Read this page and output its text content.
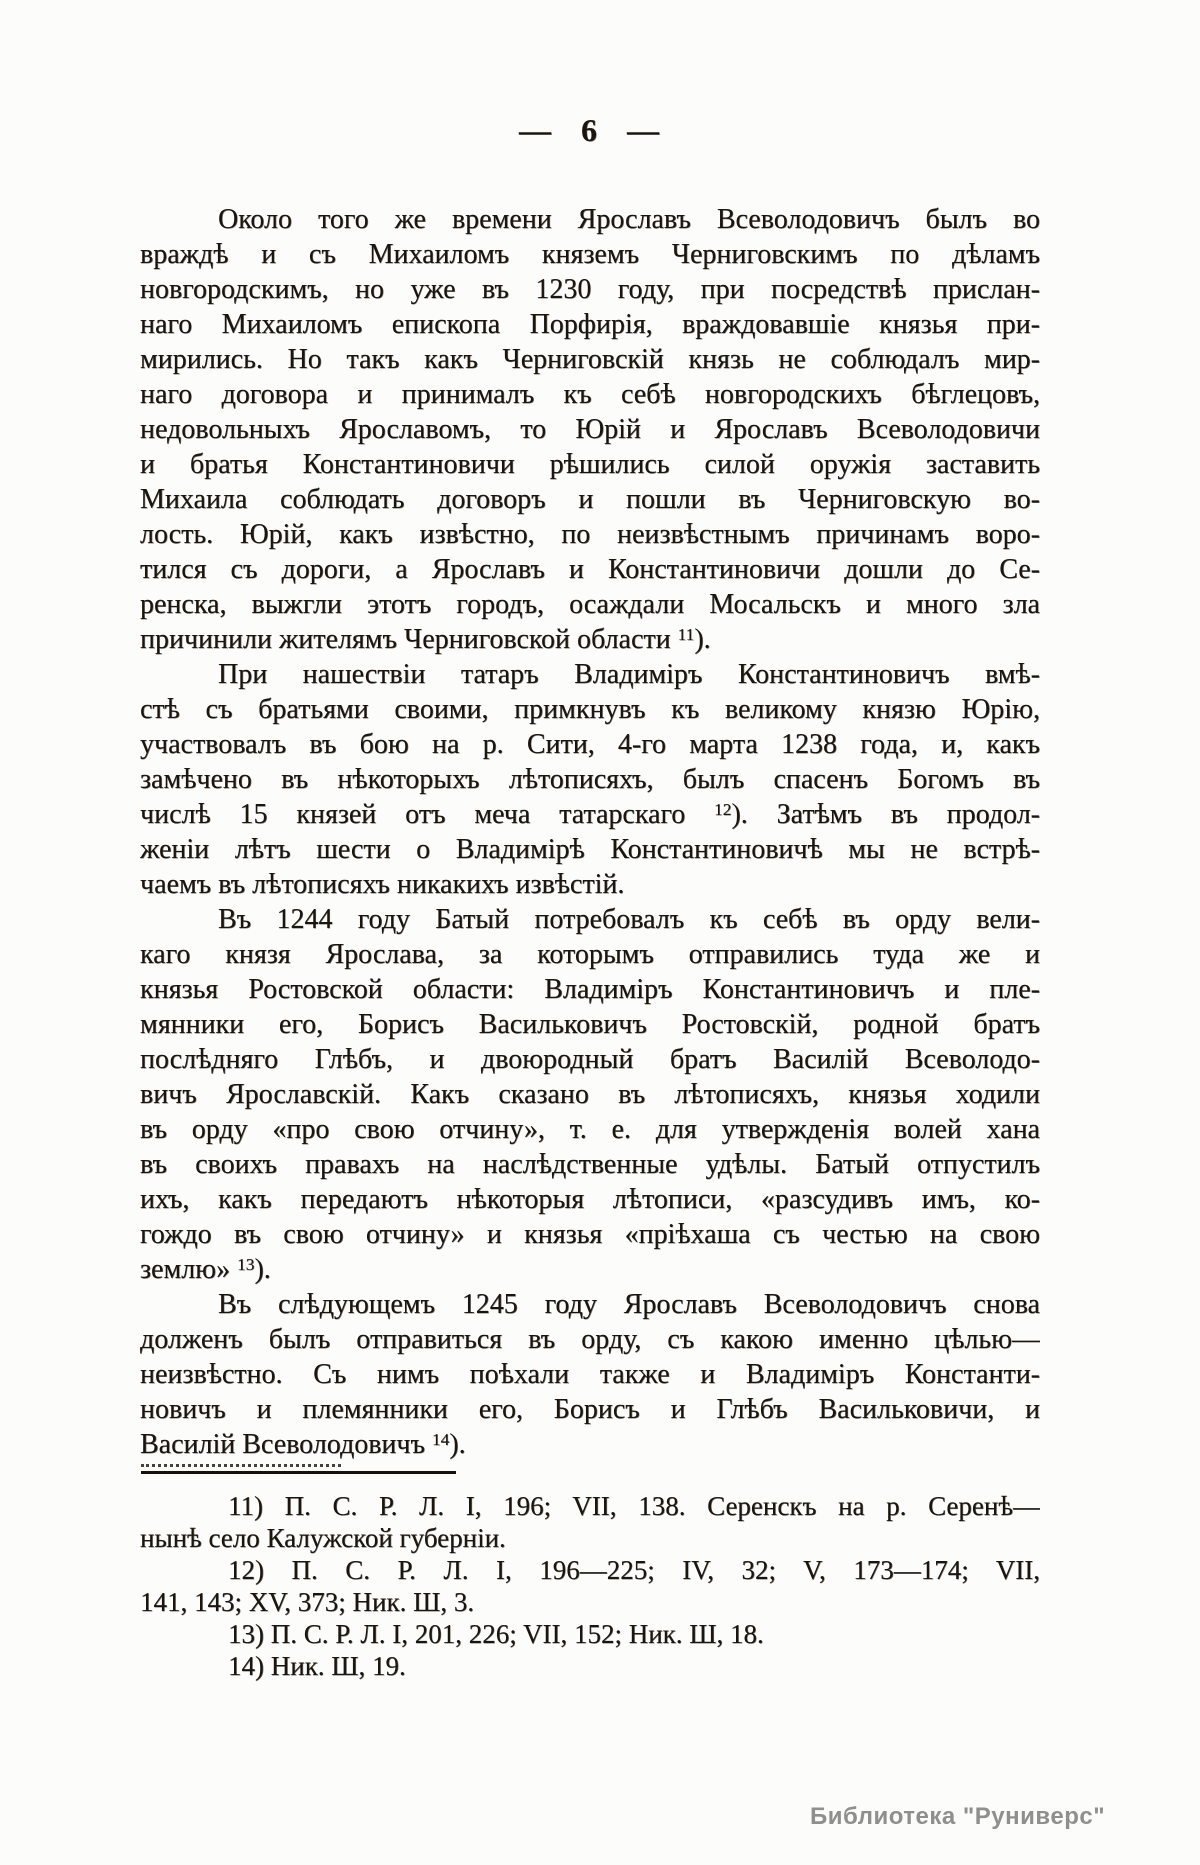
— 6 —
Около того же времени Ярославъ Всеволодовичъ былъ во
враждѣ и съ Михаиломъ княземъ Черниговскимъ по дѣламъ
новгородскимъ, но уже въ 1230 году, при посредствѣ прислан-
наго Михаиломъ епископа Порфирія, враждовавшіе князья при-
мирились. Но такъ какъ Черниговскій князь не соблюдалъ мир-
наго договора и принималъ къ себѣ новгородскихъ бѣглецовъ,
недовольныхъ Ярославомъ, то Юрій и Ярославъ Всеволодовичи
и братья Константиновичи рѣшились силой оружія заставить
Михаила соблюдать договоръ и пошли въ Черниговскую во-
лость. Юрій, какъ извѣстно, по неизвѣстнымъ причинамъ воро-
тился съ дороги, а Ярославъ и Константиновичи дошли до Се-
ренска, выжгли этотъ городъ, осаждали Мосальскъ и много зла
причинили жителямъ Черниговской области $^{11}$).
При нашествіи татаръ Владиміръ Константиновичъ вмѣ-
стѣ съ братьями своими, примкнувъ къ великому князю Юрію,
участвовалъ въ бою на р. Сити, 4-го марта 1238 года, и, какъ
замѣчено въ нѣкоторыхъ лѣтописяхъ, былъ спасенъ Богомъ въ
числѣ 15 князей отъ меча татарскаго $^{12}$). Затѣмъ въ продол-
женіи лѣтъ шести о Владимірѣ Константиновичѣ мы не встрѣ-
чаемъ въ лѣтописяхъ никакихъ извѣстій.
Въ 1244 году Батый потребовалъ къ себѣ въ орду вели-
каго князя Ярослава, за которымъ отправились туда же и
князья Ростовской области: Владиміръ Константиновичъ и пле-
мянники его, Борисъ Васильковичъ Ростовскій, родной братъ
послѣдняго Глѣбъ, и двоюродный братъ Василій Всеволодо-
вичъ Ярославскій. Какъ сказано въ лѣтописяхъ, князья ходили
въ орду «про свою отчину», т. е. для утвержденія волей хана
въ своихъ правахъ на наслѣдственные удѣлы. Батый отпустилъ
ихъ, какъ передаютъ нѣкоторыя лѣтописи, «разсудивъ имъ, ко-
гождо въ свою отчину» и князья «пріѣхаша съ честью на свою
землю» $^{13}$).
Въ слѣдующемъ 1245 году Ярославъ Всеволодовичъ снова
долженъ былъ отправиться въ орду, съ какою именно цѣлью—
неизвѣстно. Съ нимъ поѣхали также и Владиміръ Константи-
новичъ и племянники его, Борисъ и Глѣбъ Васильковичи, и
Василій Всеволодовичъ $^{14}$).
11) П. С. Р. Л. I, 196; VII, 138. Серенскъ на р. Серенѣ—
нынѣ село Калужской губерніи.
12) П. С. Р. Л. I, 196—225; IV, 32; V, 173—174; VII,
141, 143; XV, 373; Ник. Ш, 3.
13) П. С. Р. Л. I, 201, 226; VII, 152; Ник. Ш, 18.
14) Ник. Ш, 19.
Библиотека "Руниверс"
